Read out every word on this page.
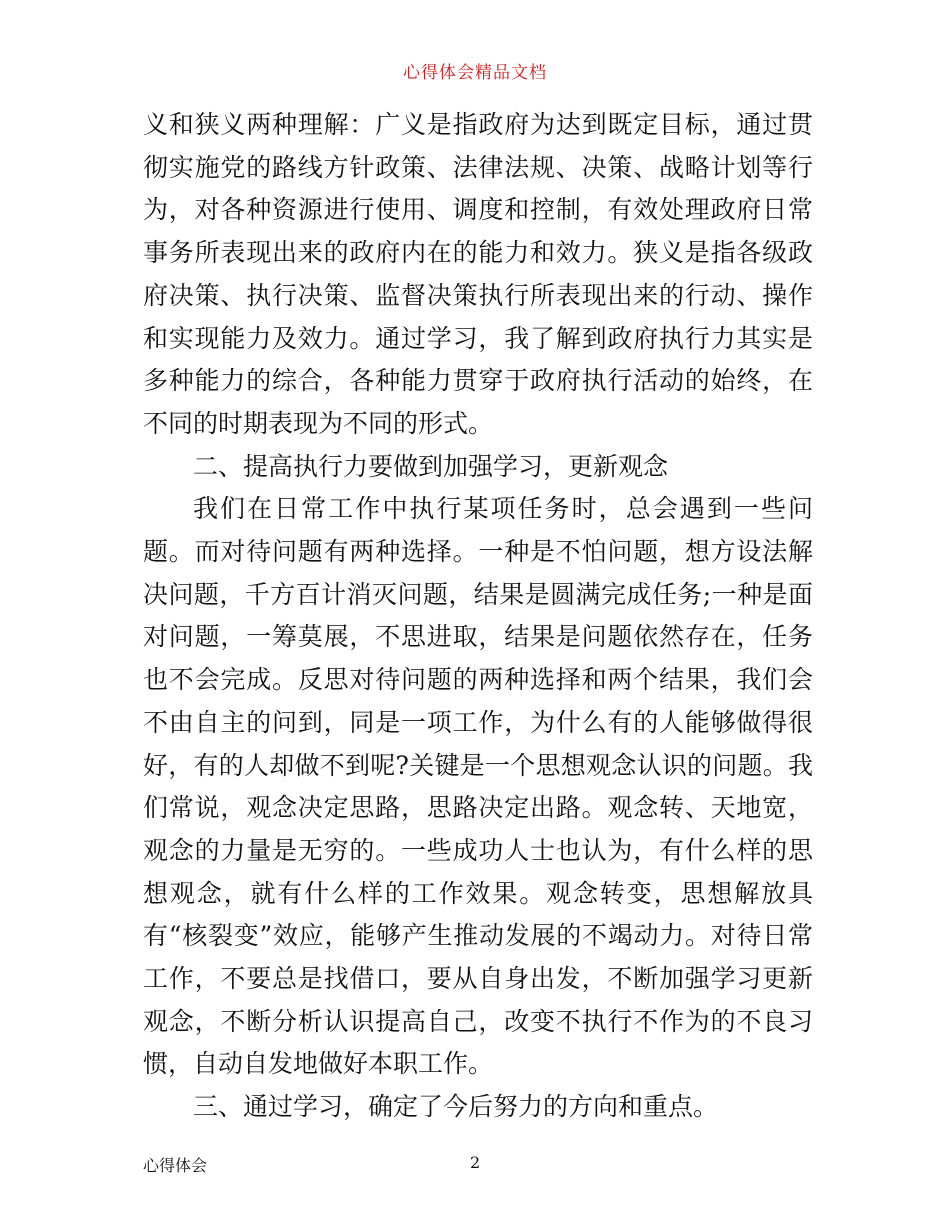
心得体会精品文档

义和狭义两种理解：广义是指政府为达到既定目标，通过贯彻实施党的路线方针政策、法律法规、决策、战略计划等行为，对各种资源进行使用、调度和控制，有效处理政府日常事务所表现出来的政府内在的能力和效力。狭义是指各级政府决策、执行决策、监督决策执行所表现出来的行动、操作和实现能力及效力。通过学习，我了解到政府执行力其实是多种能力的综合，各种能力贯穿于政府执行活动的始终，在不同的时期表现为不同的形式。

二、提高执行力要做到加强学习，更新观念

我们在日常工作中执行某项任务时，总会遇到一些问题。而对待问题有两种选择。一种是不怕问题，想方设法解决问题，千方百计消灭问题，结果是圆满完成任务;一种是面对问题，一筹莫展，不思进取，结果是问题依然存在，任务也不会完成。反思对待问题的两种选择和两个结果，我们会不由自主的问到，同是一项工作，为什么有的人能够做得很好，有的人却做不到呢?关键是一个思想观念认识的问题。我们常说，观念决定思路，思路决定出路。观念转、天地宽，观念的力量是无穷的。一些成功人士也认为，有什么样的思想观念，就有什么样的工作效果。观念转变，思想解放具有“核裂变”效应，能够产生推动发展的不竭动力。对待日常工作，不要总是找借口，要从自身出发，不断加强学习更新观念，不断分析认识提高自己，改变不执行不作为的不良习惯，自动自发地做好本职工作。

三、通过学习，确定了今后努力的方向和重点。

心得体会	2
